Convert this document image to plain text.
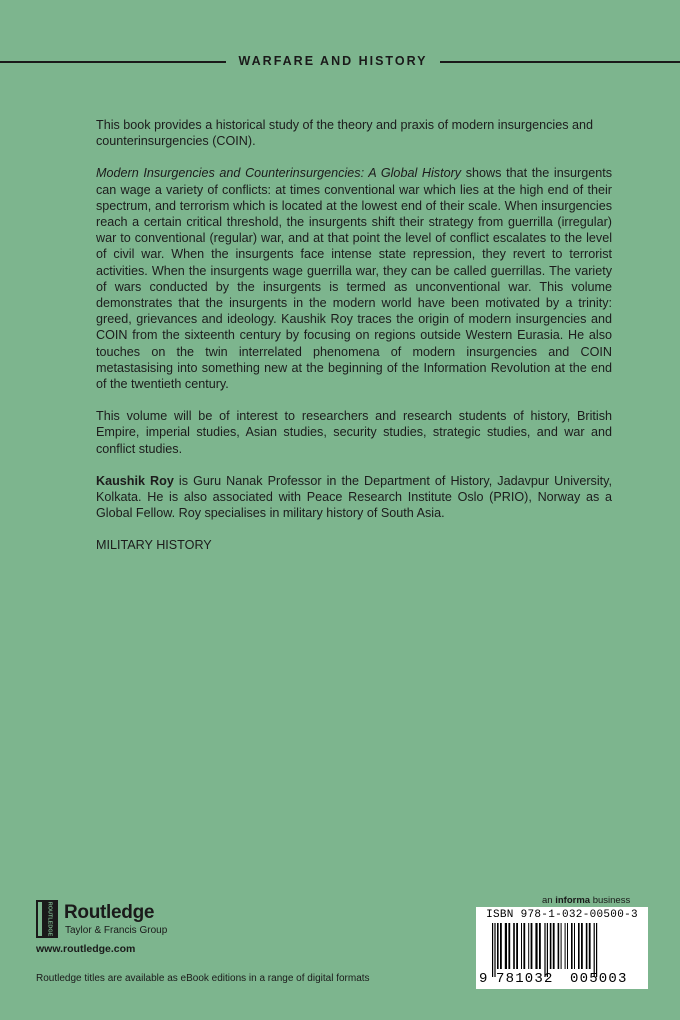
WARFARE AND HISTORY

This book provides a historical study of the theory and praxis of modern insurgencies and counterinsurgencies (COIN).

Modern Insurgencies and Counterinsurgencies: A Global History shows that the insurgents can wage a variety of conflicts: at times conventional war which lies at the high end of their spectrum, and terrorism which is located at the lowest end of their scale. When insurgencies reach a certain critical threshold, the insurgents shift their strategy from guerrilla (irregular) war to conventional (regular) war, and at that point the level of conflict escalates to the level of civil war. When the insurgents face intense state repression, they revert to terrorist activities. When the insurgents wage guerrilla war, they can be called guerrillas. The variety of wars conducted by the insurgents is termed as unconventional war. This volume demonstrates that the insurgents in the modern world have been motivated by a trinity: greed, grievances and ideology. Kaushik Roy traces the origin of modern insurgencies and COIN from the sixteenth century by focusing on regions outside Western Eurasia. He also touches on the twin interrelated phenomena of modern insurgencies and COIN metastasising into something new at the beginning of the Information Revolution at the end of the twentieth century.

This volume will be of interest to researchers and research students of history, British Empire, imperial studies, Asian studies, security studies, strategic studies, and war and conflict studies.

Kaushik Roy is Guru Nanak Professor in the Department of History, Jadavpur University, Kolkata. He is also associated with Peace Research Institute Oslo (PRIO), Norway as a Global Fellow. Roy specialises in military history of South Asia.

MILITARY HISTORY

ROUTLEDGE Routledge
Taylor & Francis Group
www.routledge.com
Routledge titles are available as eBook editions in a range of digital formats
an informa business
ISBN 978-1-032-00500-3
9 781032 005003
